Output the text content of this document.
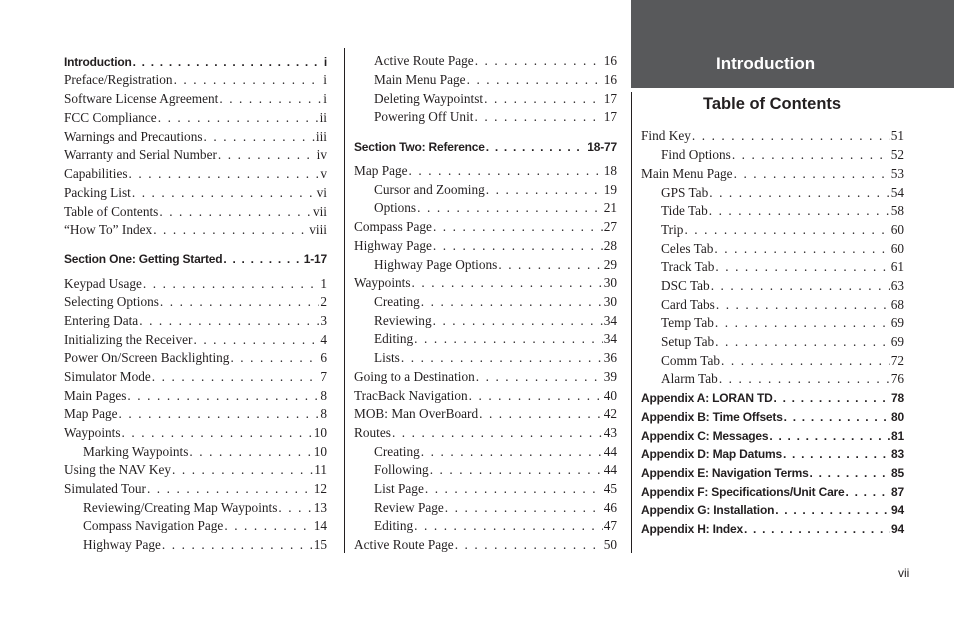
Introduction
Table of Contents
Introduction . . .	i
Preface/Registration . . .	i
Software License Agreement . . .	i
FCC Compliance . . .	ii
Warnings and Precautions . . .	iii
Warranty and Serial Number . . .	iv
Capabilities . . .	v
Packing List . . .	vi
Table of Contents . . .	vii
“How To” Index . . .	viii
Section One: Getting Started . . .	1-17
Keypad Usage . . .	1
Selecting Options . . .	2
Entering Data . . .	3
Initializing the Receiver . . .	4
Power On/Screen Backlighting . . .	6
Simulator Mode . . .	7
Main Pages . . .	8
Map Page . . .	8
Waypoints . . .	10
Marking Waypoints . . .	10
Using the NAV Key . . .	11
Simulated Tour . . .	12
Reviewing/Creating Map Waypoints . . .	13
Compass Navigation Page . . .	14
Highway Page . . .	15
Active Route Page . . .	16
Main Menu Page . . .	16
Deleting Waypointst . . .	17
Powering Off Unit . . .	17
Section Two: Reference . . .	18-77
Map Page . . .	18
Cursor and Zooming . . .	19
Options . . .	21
Compass Page . . .	27
Highway Page . . .	28
Highway Page Options . . .	29
Waypoints . . .	30
Creating . . .	30
Reviewing . . .	34
Editing . . .	34
Lists . . .	36
Going to a Destination . . .	39
TracBack Navigation . . .	40
MOB: Man OverBoard . . .	42
Routes . . .	43
Creating . . .	44
Following . . .	44
List Page . . .	45
Review Page . . .	46
Editing . . .	47
Active Route Page . . .	50
Find Key . . .	51
Find Options . . .	52
Main Menu Page . . .	53
GPS Tab . . .	54
Tide Tab . . .	58
Trip . . .	60
Celes Tab . . .	60
Track Tab . . .	61
DSC Tab . . .	63
Card Tabs . . .	68
Temp Tab . . .	69
Setup Tab . . .	69
Comm Tab . . .	72
Alarm Tab . . .	76
Appendix A: LORAN TD . . .	78
Appendix B: Time Offsets . . .	80
Appendix C: Messages . . .	81
Appendix D: Map Datums . . .	83
Appendix E: Navigation Terms . . .	85
Appendix F: Specifications/Unit Care . . .	87
Appendix G: Installation . . .	94
Appendix H: Index . . .	94
vii
